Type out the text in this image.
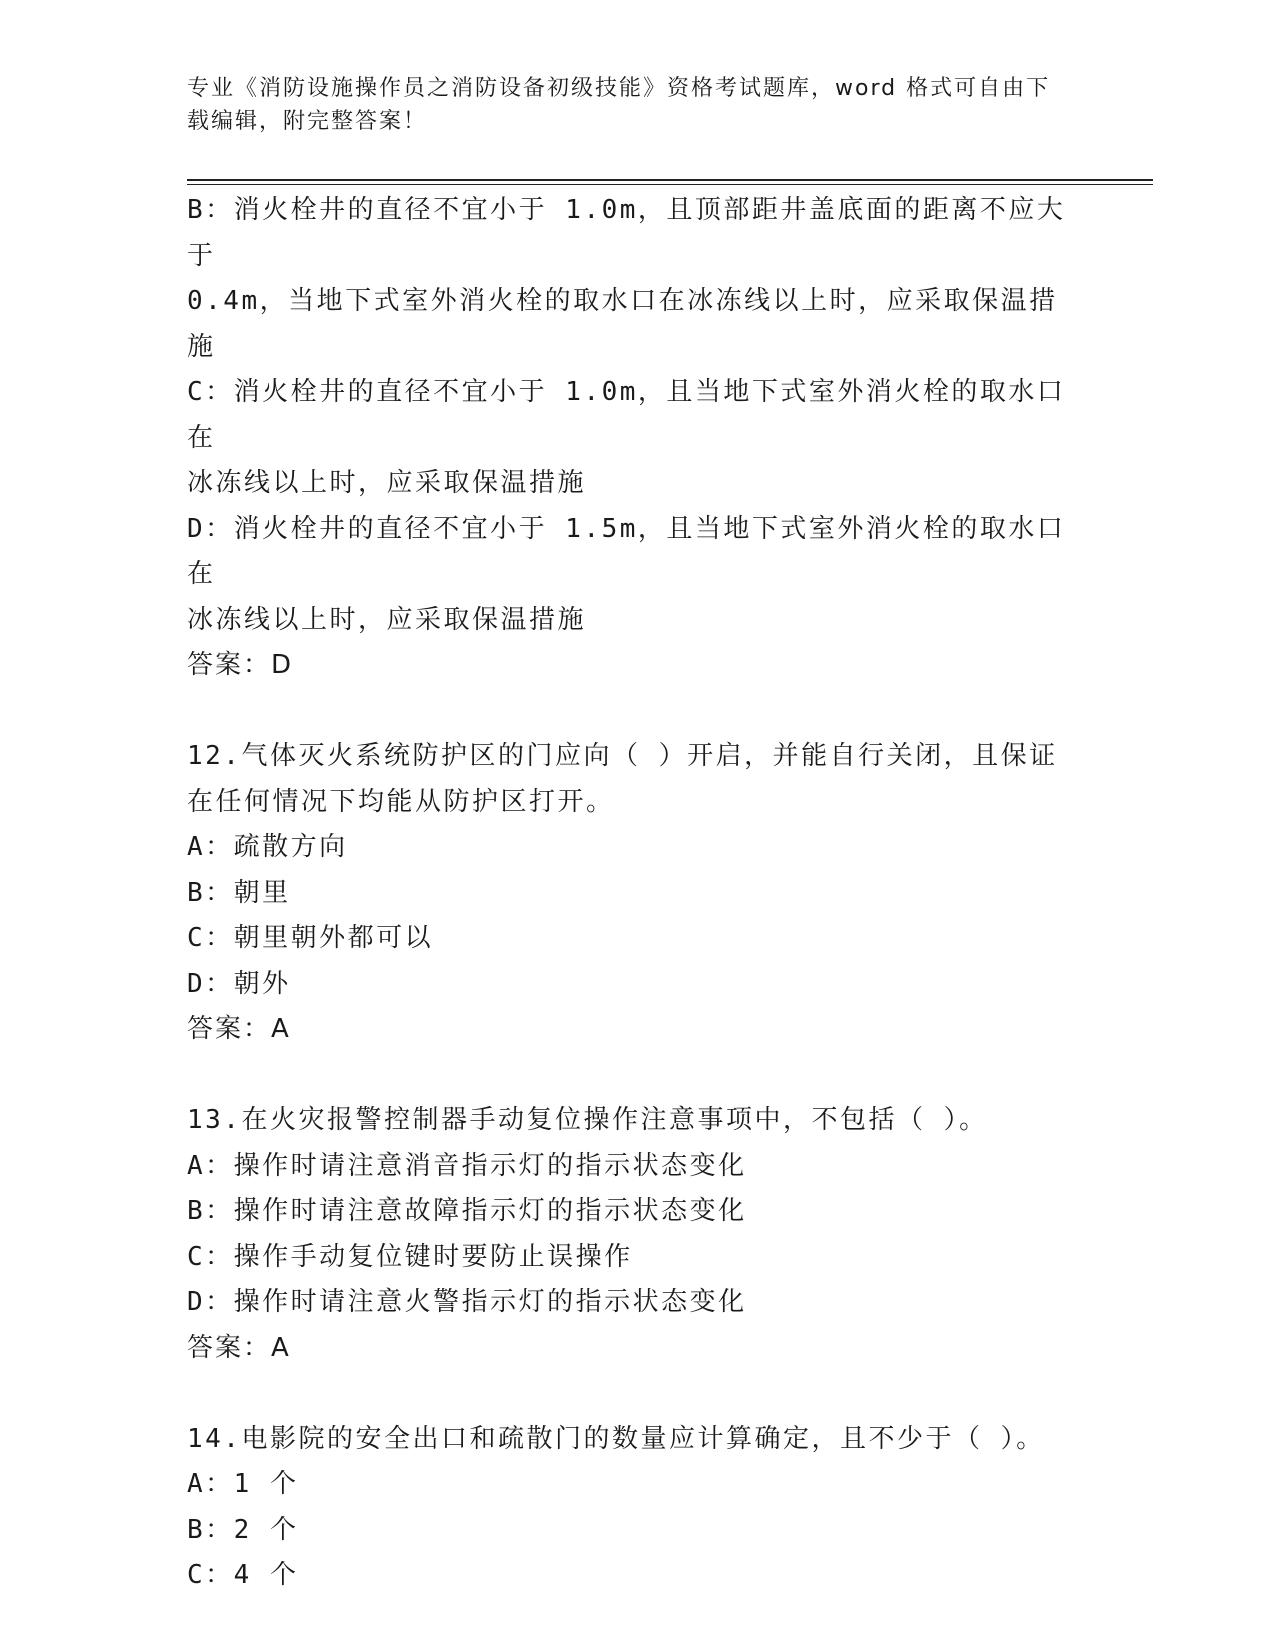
专业《消防设施操作员之消防设备初级技能》资格考试题库，word 格式可自由下
载编辑，附完整答案！
B：消火栓井的直径不宜小于 1.0m，且顶部距井盖底面的距离不应大于
0.4m，当地下式室外消火栓的取水口在冰冻线以上时，应采取保温措
施
C：消火栓井的直径不宜小于 1.0m，且当地下式室外消火栓的取水口在
冰冻线以上时，应采取保温措施
D：消火栓井的直径不宜小于 1.5m，且当地下式室外消火栓的取水口在
冰冻线以上时，应采取保温措施
答案：D
12.气体灭火系统防护区的门应向（ ）开启，并能自行关闭，且保证
在任何情况下均能从防护区打开。
A：疏散方向
B：朝里
C：朝里朝外都可以
D：朝外
答案：A
13.在火灾报警控制器手动复位操作注意事项中，不包括（ ）。
A：操作时请注意消音指示灯的指示状态变化
B：操作时请注意故障指示灯的指示状态变化
C：操作手动复位键时要防止误操作
D：操作时请注意火警指示灯的指示状态变化
答案：A
14.电影院的安全出口和疏散门的数量应计算确定，且不少于（ ）。
A：1 个
B：2 个
C：4 个
